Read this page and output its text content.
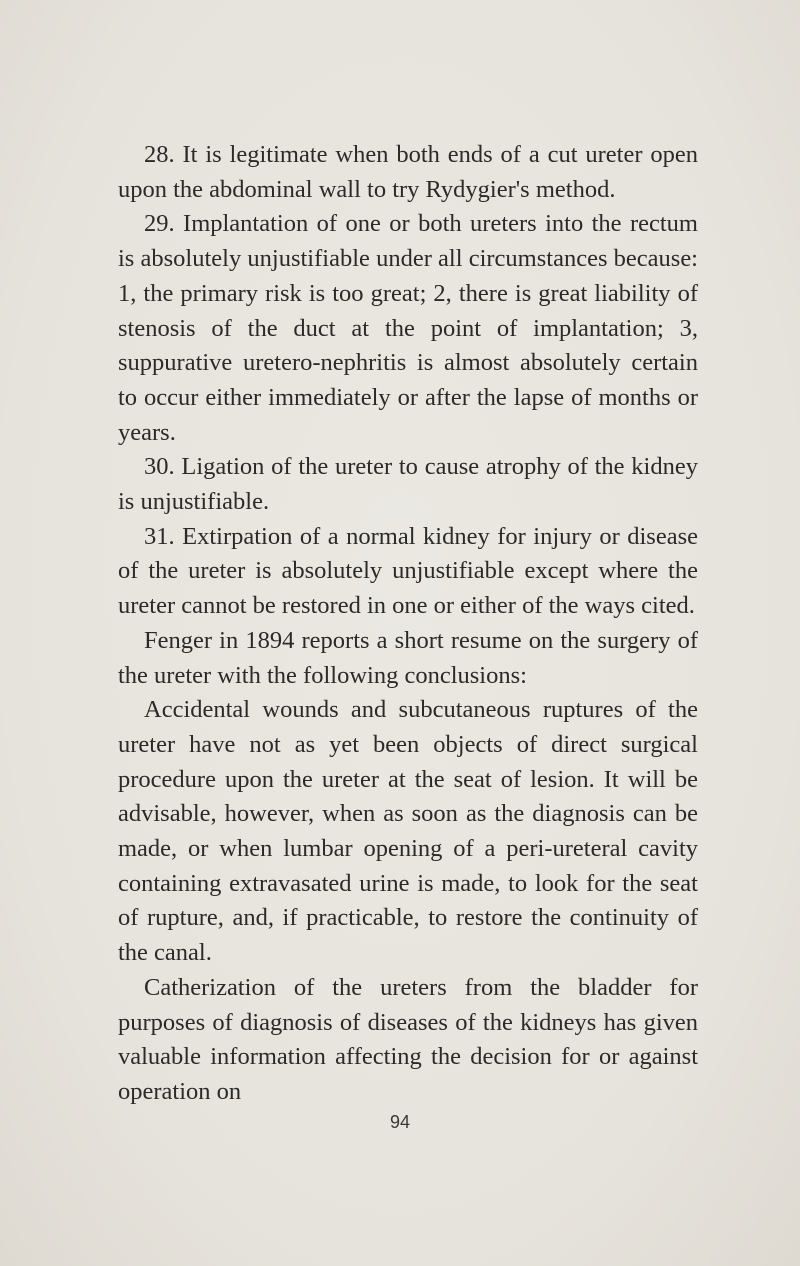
28. It is legitimate when both ends of a cut ureter open upon the abdominal wall to try Rydygier's method.

29. Implantation of one or both ureters into the rectum is absolutely unjustifiable under all circumstances because: 1, the primary risk is too great; 2, there is great liability of stenosis of the duct at the point of implantation; 3, suppurative uretero-nephritis is almost absolutely certain to occur either immediately or after the lapse of months or years.

30. Ligation of the ureter to cause atrophy of the kidney is unjustifiable.

31. Extirpation of a normal kidney for injury or disease of the ureter is absolutely unjustifiable except where the ureter cannot be restored in one or either of the ways cited.

Fenger in 1894 reports a short resume on the surgery of the ureter with the following conclusions:

Accidental wounds and subcutaneous ruptures of the ureter have not as yet been objects of direct surgical procedure upon the ureter at the seat of lesion. It will be advisable, however, when as soon as the diagnosis can be made, or when lumbar opening of a peri-ureteral cavity containing extravasated urine is made, to look for the seat of rupture, and, if practicable, to restore the continuity of the canal.

Catherization of the ureters from the bladder for purposes of diagnosis of diseases of the kidneys has given valuable information affecting the decision for or against operation on

94
